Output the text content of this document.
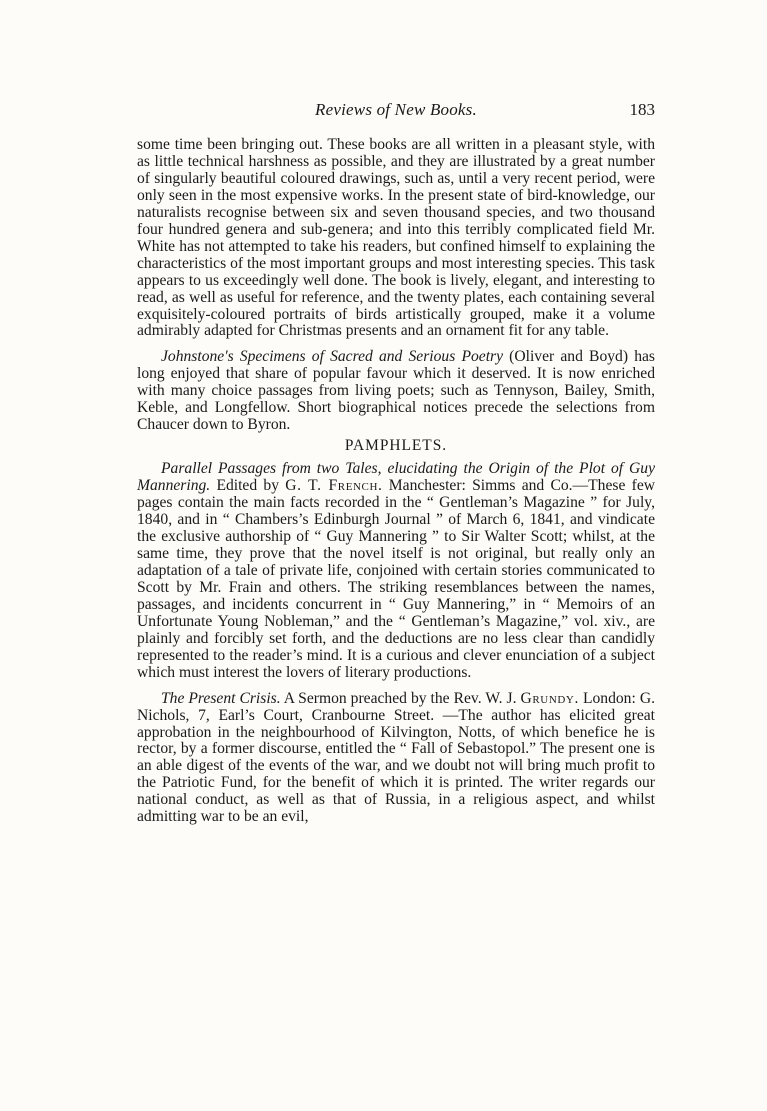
Reviews of New Books.	183

some time been bringing out. These books are all written in a pleasant style, with as little technical harshness as possible, and they are illustrated by a great number of singularly beautiful coloured drawings, such as, until a very recent period, were only seen in the most expensive works. In the present state of bird-knowledge, our naturalists recognise between six and seven thousand species, and two thousand four hundred genera and sub-genera; and into this terribly complicated field Mr. White has not attempted to take his readers, but confined himself to explaining the characteristics of the most important groups and most interesting species. This task appears to us exceedingly well done. The book is lively, elegant, and interesting to read, as well as useful for reference, and the twenty plates, each containing several exquisitely-coloured portraits of birds artistically grouped, make it a volume admirably adapted for Christmas presents and an ornament fit for any table.

Johnstone's Specimens of Sacred and Serious Poetry (Oliver and Boyd) has long enjoyed that share of popular favour which it deserved. It is now enriched with many choice passages from living poets; such as Tennyson, Bailey, Smith, Keble, and Longfellow. Short biographical notices precede the selections from Chaucer down to Byron.

PAMPHLETS.

Parallel Passages from two Tales, elucidating the Origin of the Plot of Guy Mannering. Edited by G. T. French. Manchester: Simms and Co.—These few pages contain the main facts recorded in the “ Gentleman’s Magazine ” for July, 1840, and in “ Chambers’s Edinburgh Journal ” of March 6, 1841, and vindicate the exclusive authorship of “ Guy Mannering ” to Sir Walter Scott; whilst, at the same time, they prove that the novel itself is not original, but really only an adaptation of a tale of private life, conjoined with certain stories communicated to Scott by Mr. Frain and others. The striking resemblances between the names, passages, and incidents concurrent in “ Guy Mannering,” in “ Memoirs of an Unfortunate Young Nobleman,” and the “ Gentleman’s Magazine,” vol. xiv., are plainly and forcibly set forth, and the deductions are no less clear than candidly represented to the reader’s mind. It is a curious and clever enunciation of a subject which must interest the lovers of literary productions.

The Present Crisis. A Sermon preached by the Rev. W. J. Grundy. London: G. Nichols, 7, Earl’s Court, Cranbourne Street. —The author has elicited great approbation in the neighbourhood of Kilvington, Notts, of which benefice he is rector, by a former discourse, entitled the “ Fall of Sebastopol.” The present one is an able digest of the events of the war, and we doubt not will bring much profit to the Patriotic Fund, for the benefit of which it is printed. The writer regards our national conduct, as well as that of Russia, in a religious aspect, and whilst admitting war to be an evil,
